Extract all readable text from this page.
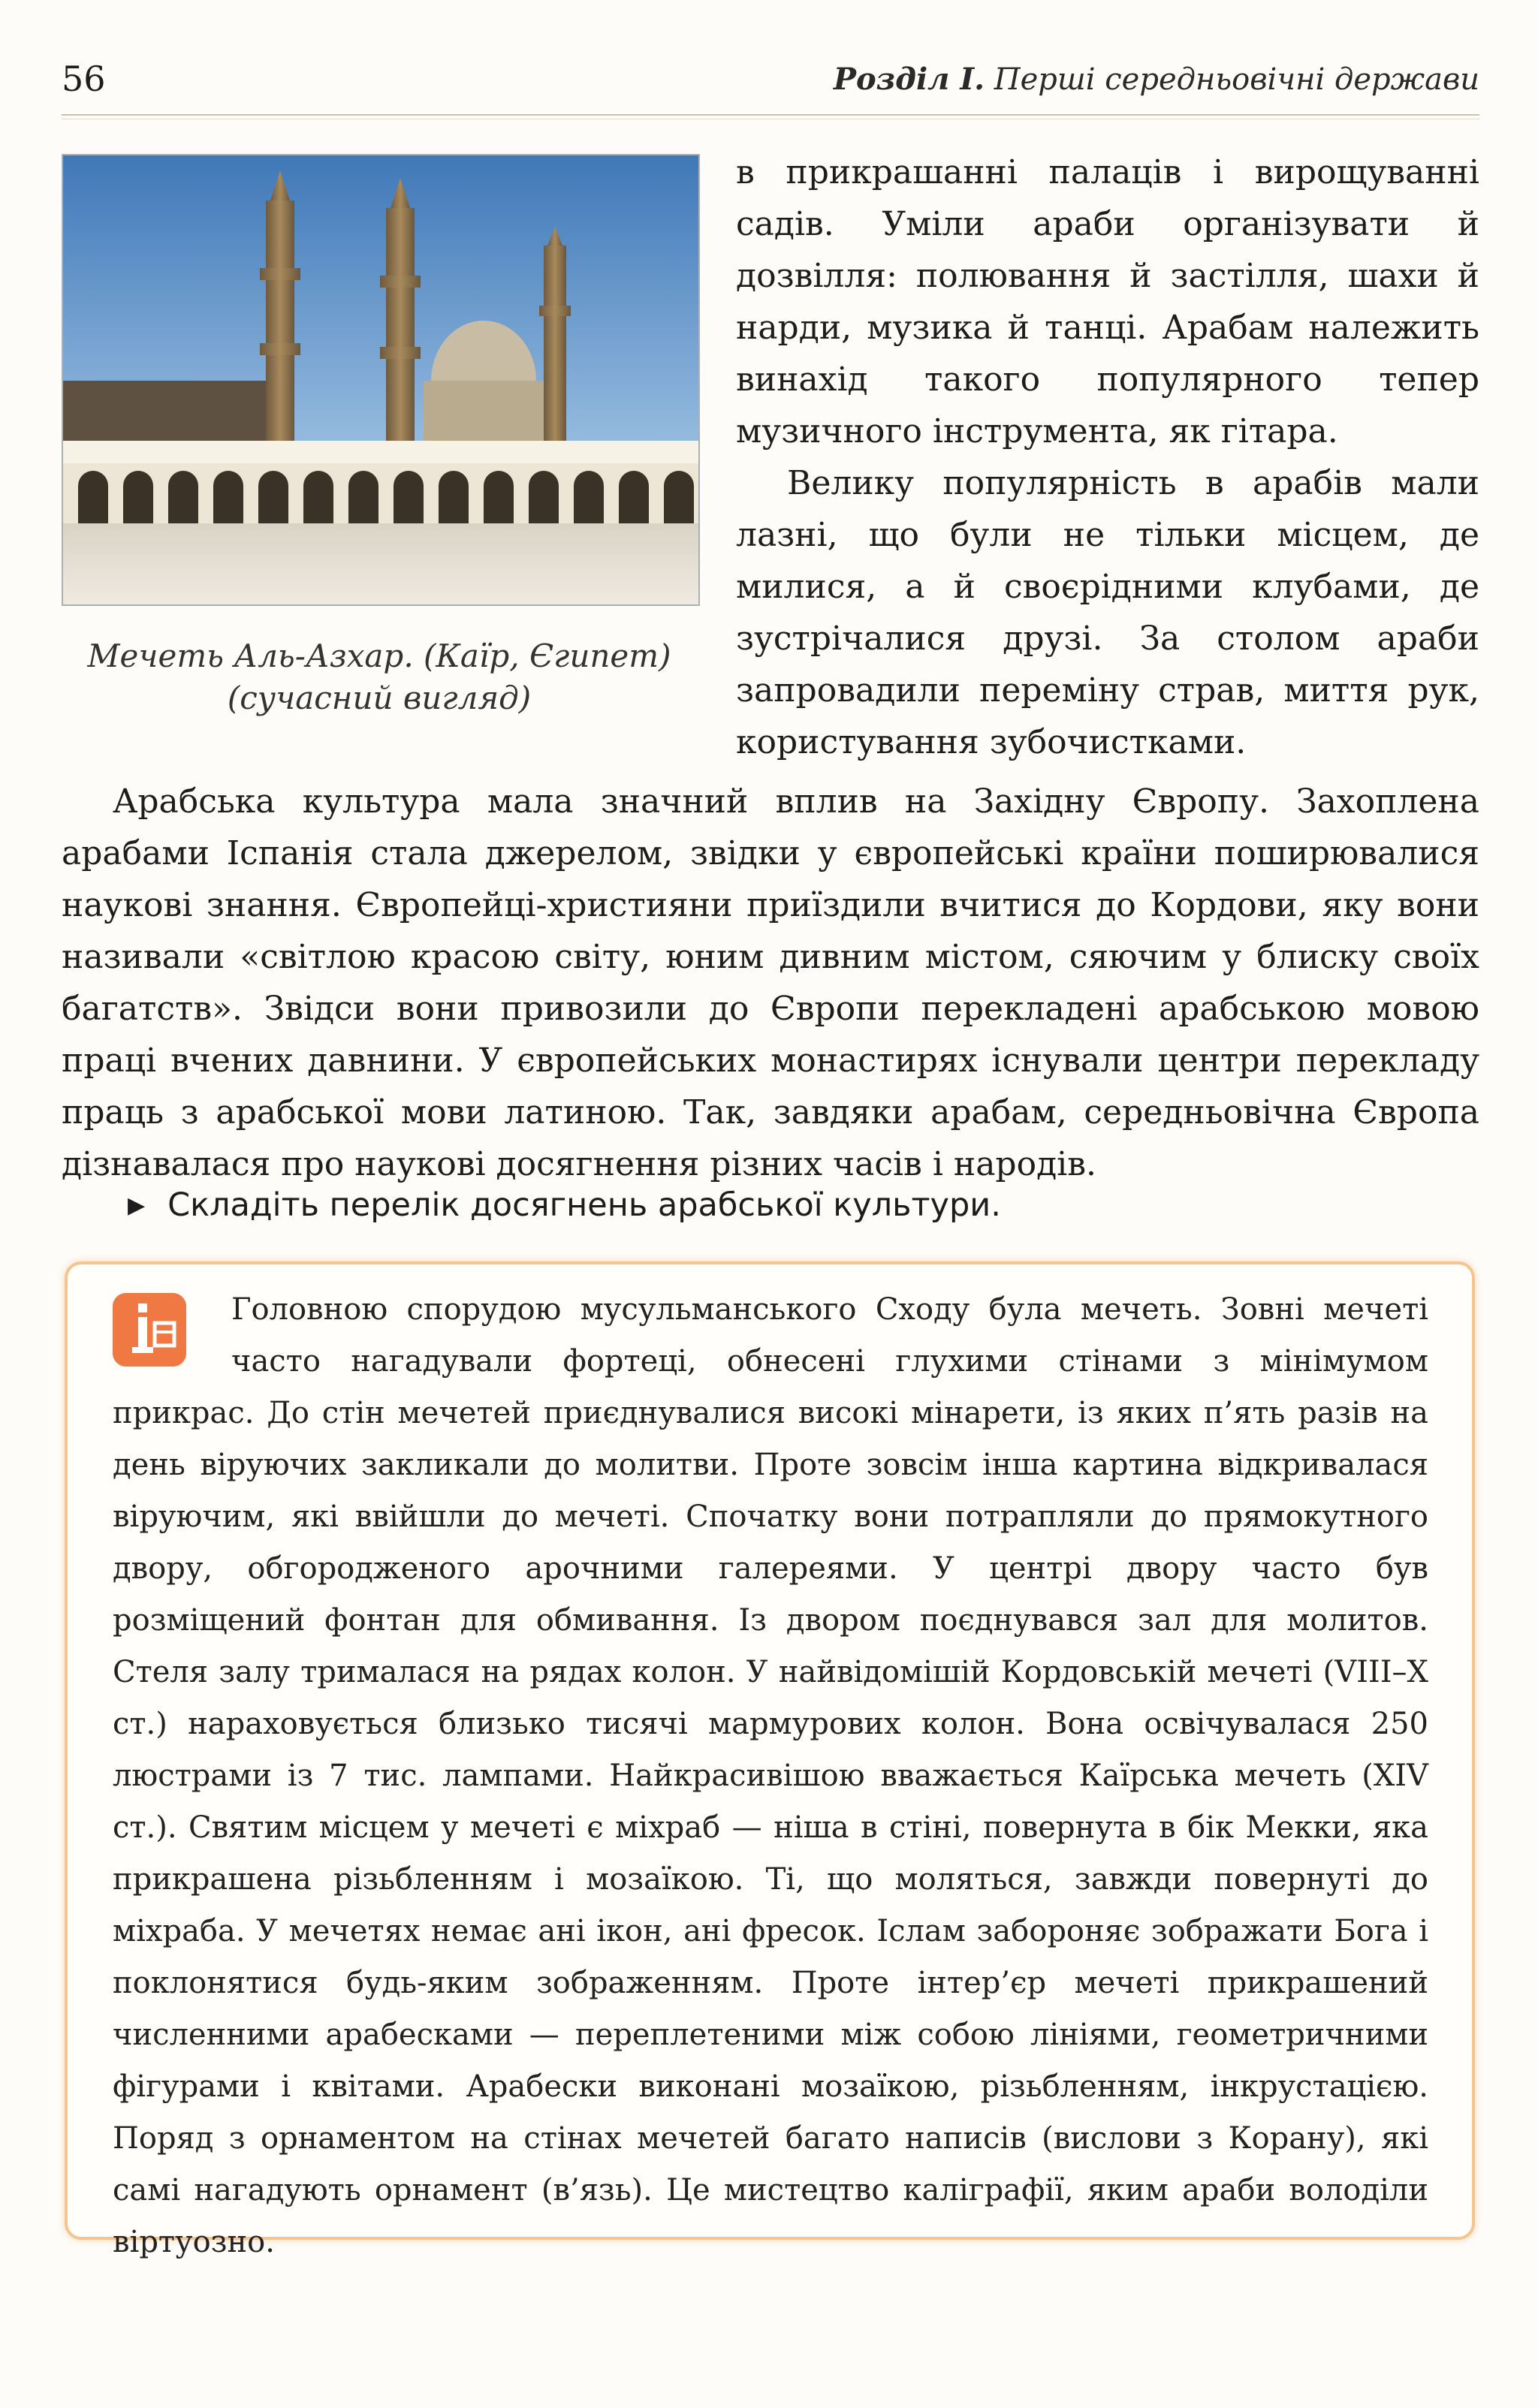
56	Розділ I. Перші середньовічні держави
Мечеть Аль-Азхар. (Каїр, Єгипет)
(сучасний вигляд)

в прикрашанні палаців і вирощуванні садів. Уміли араби організувати й дозвілля: полювання й застілля, шахи й нарди, музика й танці. Арабам належить винахід такого популярного тепер музичного інструмента, як гітара.

Велику популярність в арабів мали лазні, що були не тільки місцем, де милися, а й своєрідними клубами, де зустрічалися друзі. За столом араби запровадили переміну страв, миття рук, користування зубочистками.

Арабська культура мала значний вплив на Західну Європу. Захоплена арабами Іспанія стала джерелом, звідки у європейські країни поширювалися наукові знання. Європейці-християни приїздили вчитися до Кордови, яку вони називали «світлою красою світу, юним дивним містом, сяючим у блиску своїх багатств». Звідси вони привозили до Європи перекладені арабською мовою праці вчених давнини. У європейських монастирях існували центри перекладу праць з арабської мови латиною. Так, завдяки арабам, середньовічна Європа дізнавалася про наукові досягнення різних часів і народів.

▶ Складіть перелік досягнень арабської культури.
Головною спорудою мусульманського Сходу була мечеть. Зовні мечеті часто нагадували фортеці, обнесені глухими стінами з мінімумом прикрас. До стін мечетей приєднувалися високі мінарети, із яких п’ять разів на день віруючих закликали до молитви. Проте зовсім інша картина відкривалася віруючим, які ввійшли до мечеті. Спочатку вони потрапляли до прямокутного двору, обгородженого арочними галереями. У центрі двору часто був розміщений фонтан для обмивання. Із двором поєднувався зал для молитов. Стеля залу трималася на рядах колон. У найвідомішій Кордовській мечеті (VIII–X ст.) нараховується близько тисячі мармурових колон. Вона освічувалася 250 люстрами із 7 тис. лампами. Найкрасивішою вважається Каїрська мечеть (XIV ст.). Святим місцем у мечеті є міхраб — ніша в стіні, повернута в бік Мекки, яка прикрашена різьбленням і мозаїкою. Ті, що моляться, завжди повернуті до міхраба. У мечетях немає ані ікон, ані фресок. Іслам забороняє зображати Бога і поклонятися будь-яким зображенням. Проте інтер’єр мечеті прикрашений численними арабесками — переплетеними між собою лініями, геометричними фігурами і квітами. Арабески виконані мозаїкою, різьбленням, інкрустацією. Поряд з орнаментом на стінах мечетей багато написів (вислови з Корану), які самі нагадують орнамент (в’язь). Це мистецтво каліграфії, яким араби володіли віртуозно.
